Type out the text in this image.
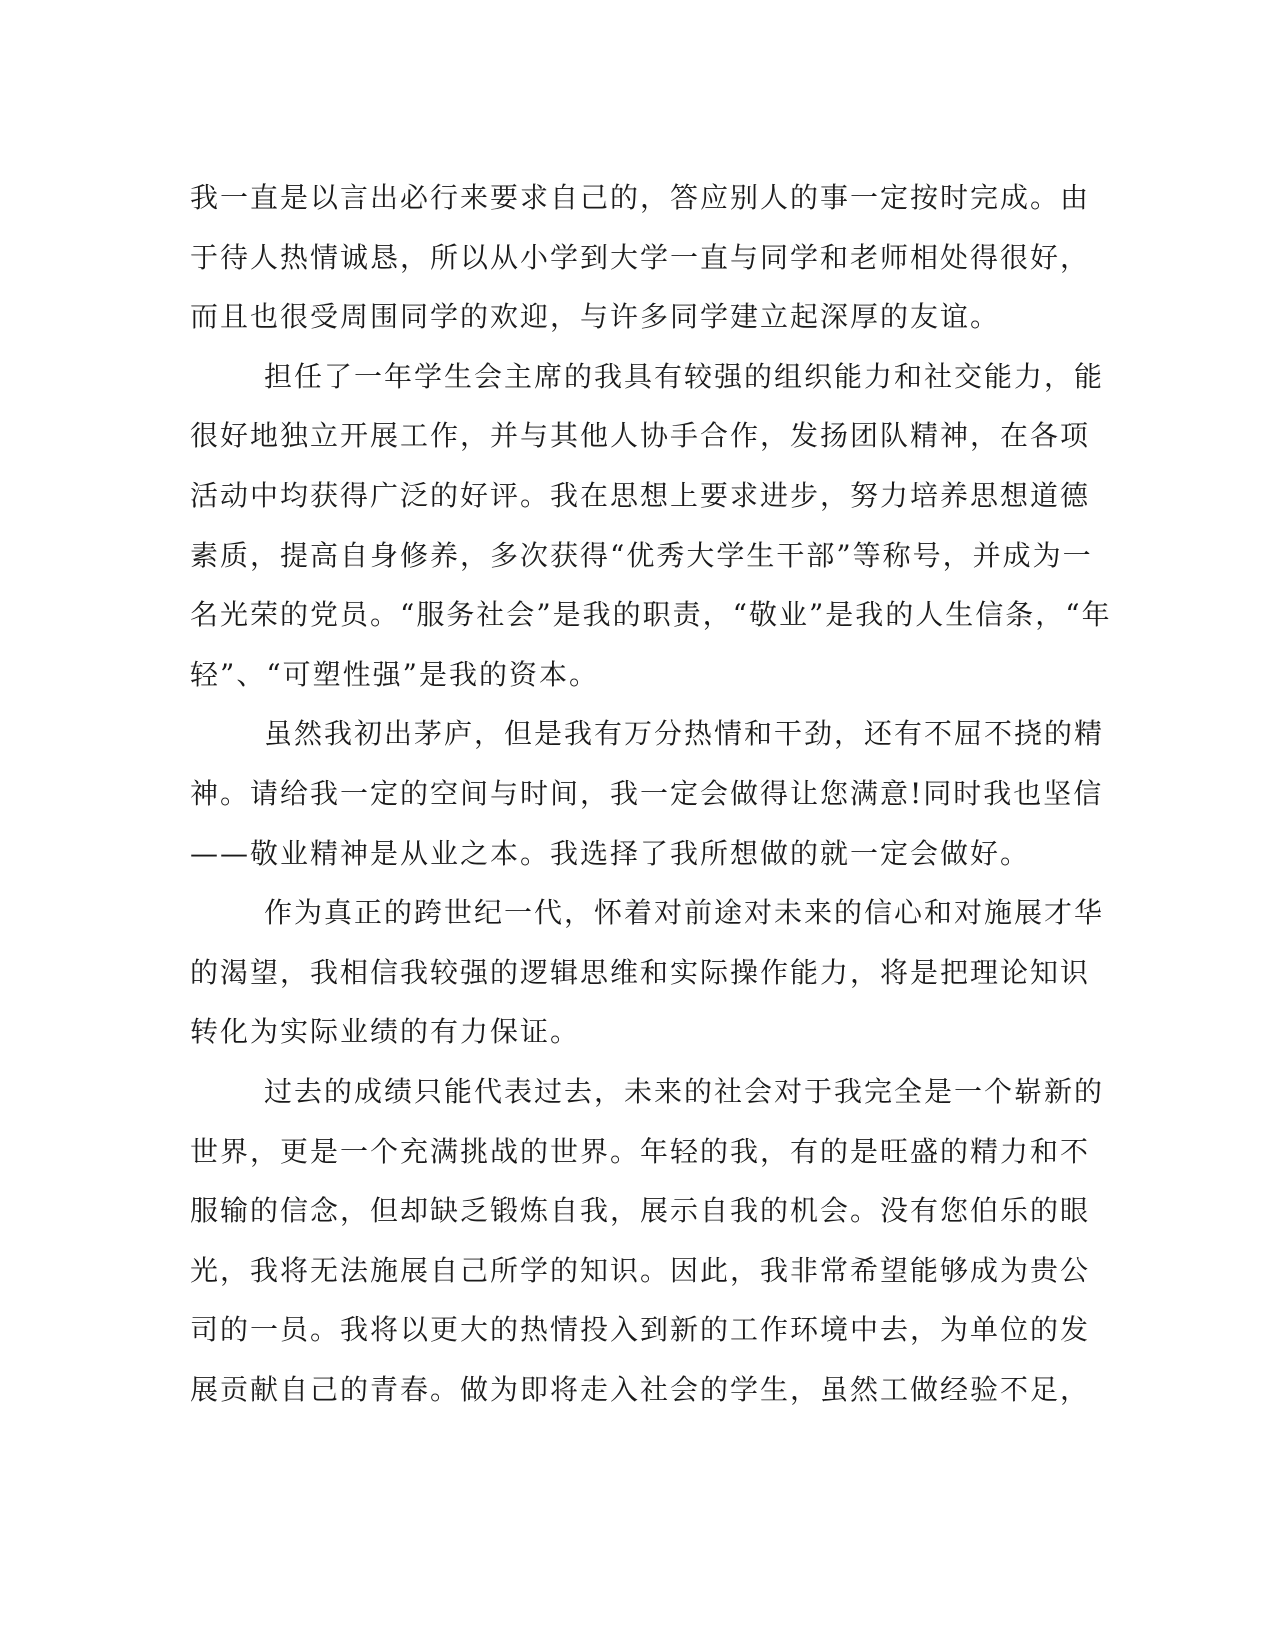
我一直是以言出必行来要求自己的，答应别人的事一定按时完成。由
于待人热情诚恳，所以从小学到大学一直与同学和老师相处得很好，
而且也很受周围同学的欢迎，与许多同学建立起深厚的友谊。
担任了一年学生会主席的我具有较强的组织能力和社交能力，能
很好地独立开展工作，并与其他人协手合作，发扬团队精神，在各项
活动中均获得广泛的好评。我在思想上要求进步，努力培养思想道德
素质，提高自身修养，多次获得“优秀大学生干部”等称号，并成为一
名光荣的党员。“服务社会”是我的职责，“敬业”是我的人生信条，“年
轻”、“可塑性强”是我的资本。
虽然我初出茅庐，但是我有万分热情和干劲，还有不屈不挠的精
神。请给我一定的空间与时间，我一定会做得让您满意!同时我也坚信
——敬业精神是从业之本。我选择了我所想做的就一定会做好。
作为真正的跨世纪一代，怀着对前途对未来的信心和对施展才华
的渴望，我相信我较强的逻辑思维和实际操作能力，将是把理论知识
转化为实际业绩的有力保证。
过去的成绩只能代表过去，未来的社会对于我完全是一个崭新的
世界，更是一个充满挑战的世界。年轻的我，有的是旺盛的精力和不
服输的信念，但却缺乏锻炼自我，展示自我的机会。没有您伯乐的眼
光，我将无法施展自己所学的知识。因此，我非常希望能够成为贵公
司的一员。我将以更大的热情投入到新的工作环境中去，为单位的发
展贡献自己的青春。做为即将走入社会的学生，虽然工做经验不足，
